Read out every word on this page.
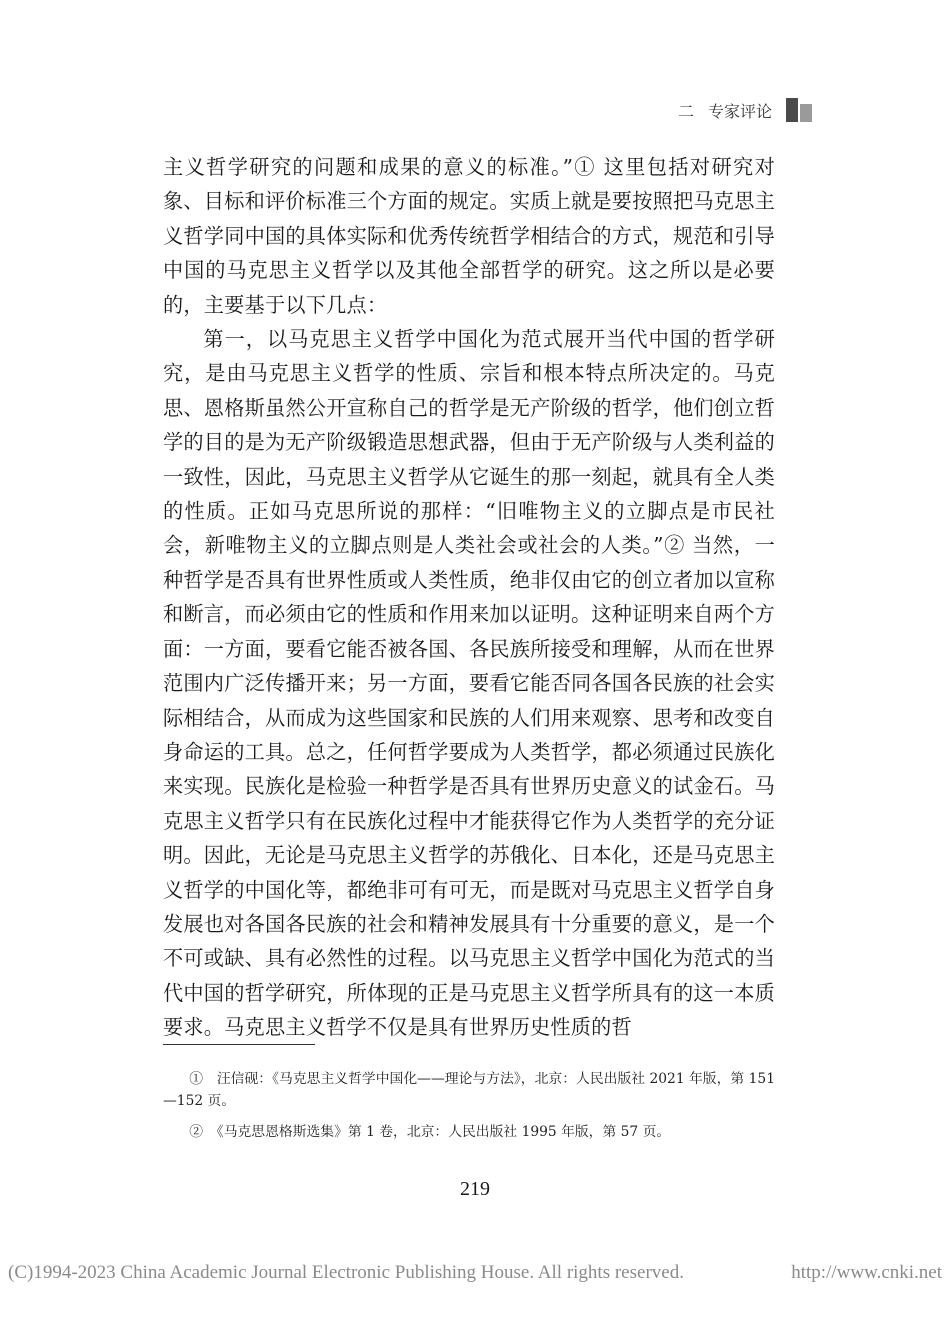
二 专家评论

主义哲学研究的问题和成果的意义的标准。”① 这里包括对研究对象、目标和评价标准三个方面的规定。实质上就是要按照把马克思主义哲学同中国的具体实际和优秀传统哲学相结合的方式，规范和引导中国的马克思主义哲学以及其他全部哲学的研究。这之所以是必要的，主要基于以下几点：

第一，以马克思主义哲学中国化为范式展开当代中国的哲学研究，是由马克思主义哲学的性质、宗旨和根本特点所决定的。马克思、恩格斯虽然公开宣称自己的哲学是无产阶级的哲学，他们创立哲学的目的是为无产阶级锻造思想武器，但由于无产阶级与人类利益的一致性，因此，马克思主义哲学从它诞生的那一刻起，就具有全人类的性质。正如马克思所说的那样：“旧唯物主义的立脚点是市民社会，新唯物主义的立脚点则是人类社会或社会的人类。”② 当然，一种哲学是否具有世界性质或人类性质，绝非仅由它的创立者加以宣称和断言，而必须由它的性质和作用来加以证明。这种证明来自两个方面：一方面，要看它能否被各国、各民族所接受和理解，从而在世界范围内广泛传播开来；另一方面，要看它能否同各国各民族的社会实际相结合，从而成为这些国家和民族的人们用来观察、思考和改变自身命运的工具。总之，任何哲学要成为人类哲学，都必须通过民族化来实现。民族化是检验一种哲学是否具有世界历史意义的试金石。马克思主义哲学只有在民族化过程中才能获得它作为人类哲学的充分证明。因此，无论是马克思主义哲学的苏俄化、日本化，还是马克思主义哲学的中国化等，都绝非可有可无，而是既对马克思主义哲学自身发展也对各国各民族的社会和精神发展具有十分重要的意义，是一个不可或缺、具有必然性的过程。以马克思主义哲学中国化为范式的当代中国的哲学研究，所体现的正是马克思主义哲学所具有的这一本质要求。马克思主义哲学不仅是具有世界历史性质的哲

①　汪信砚：《马克思主义哲学中国化——理论与方法》，北京：人民出版社 2021 年版，第 151—152 页。

②　《马克思恩格斯选集》第 1 卷，北京：人民出版社 1995 年版，第 57 页。

219
(C)1994-2023 China Academic Journal Electronic Publishing House. All rights reserved.	http://www.cnki.net
